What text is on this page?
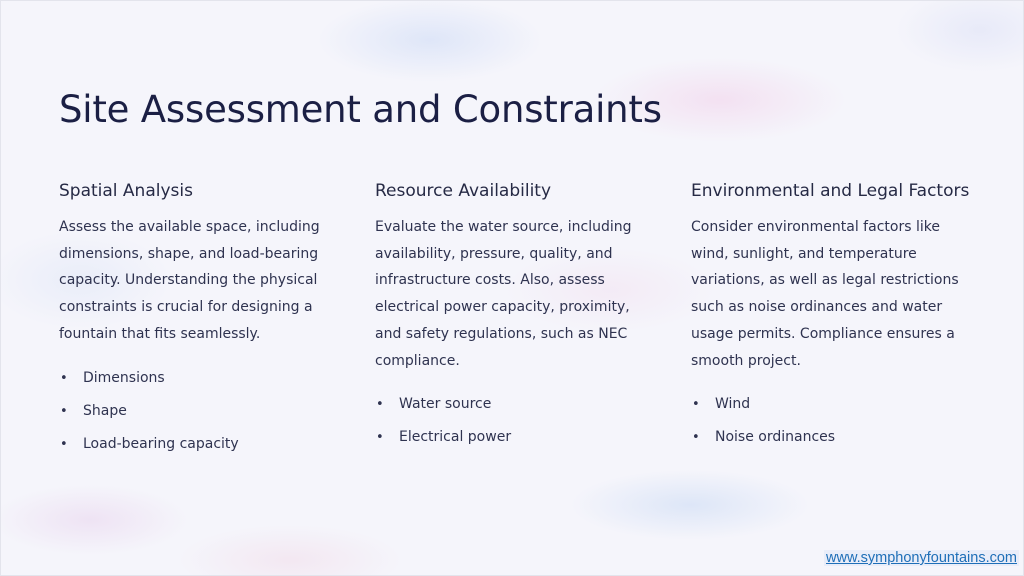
Site Assessment and Constraints
Spatial Analysis

Assess the available space, including dimensions, shape, and load-bearing capacity. Understanding the physical constraints is crucial for designing a fountain that fits seamlessly.

• Dimensions
• Shape
• Load-bearing capacity
Resource Availability

Evaluate the water source, including availability, pressure, quality, and infrastructure costs. Also, assess electrical power capacity, proximity, and safety regulations, such as NEC compliance.

• Water source
• Electrical power
Environmental and Legal Factors

Consider environmental factors like wind, sunlight, and temperature variations, as well as legal restrictions such as noise ordinances and water usage permits. Compliance ensures a smooth project.

• Wind
• Noise ordinances
www.symphonyfountains.com
